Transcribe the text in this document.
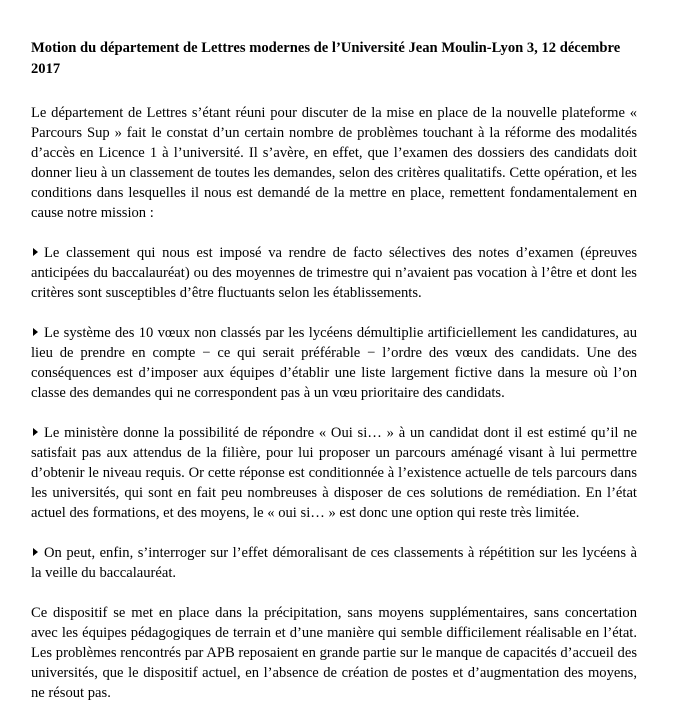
Motion du département de Lettres modernes de l’Université Jean Moulin-Lyon 3, 12 décembre 2017

Le département de Lettres s’étant réuni pour discuter de la mise en place de la nouvelle plateforme « Parcours Sup » fait le constat d’un certain nombre de problèmes touchant à la réforme des modalités d’accès en Licence 1 à l’université. Il s’avère, en effet, que l’examen des dossiers des candidats doit donner lieu à un classement de toutes les demandes, selon des critères qualitatifs. Cette opération, et les conditions dans lesquelles il nous est demandé de la mettre en place, remettent fondamentalement en cause notre mission :

Le classement qui nous est imposé va rendre de facto sélectives des notes d’examen (épreuves anticipées du baccalauréat) ou des moyennes de trimestre qui n’avaient pas vocation à l’être et dont les critères sont susceptibles d’être fluctuants selon les établissements.

Le système des 10 vœux non classés par les lycéens démultiplie artificiellement les candidatures, au lieu de prendre en compte − ce qui serait préférable − l’ordre des vœux des candidats. Une des conséquences est d’imposer aux équipes d’établir une liste largement fictive dans la mesure où l’on classe des demandes qui ne correspondent pas à un vœu prioritaire des candidats.

Le ministère donne la possibilité de répondre « Oui si… » à un candidat dont il est estimé qu’il ne satisfait pas aux attendus de la filière, pour lui proposer un parcours aménagé visant à lui permettre d’obtenir le niveau requis. Or cette réponse est conditionnée à l’existence actuelle de tels parcours dans les universités, qui sont en fait peu nombreuses à disposer de ces solutions de remédiation. En l’état actuel des formations, et des moyens, le « oui si… » est donc une option qui reste très limitée.

On peut, enfin, s’interroger sur l’effet démoralisant de ces classements à répétition sur les lycéens à la veille du baccalauréat.

Ce dispositif se met en place dans la précipitation, sans moyens supplémentaires, sans concertation avec les équipes pédagogiques de terrain et d’une manière qui semble difficilement réalisable en l’état. Les problèmes rencontrés par APB reposaient en grande partie sur le manque de capacités d’accueil des universités, que le dispositif actuel, en l’absence de création de postes et d’augmentation des moyens, ne résout pas.
